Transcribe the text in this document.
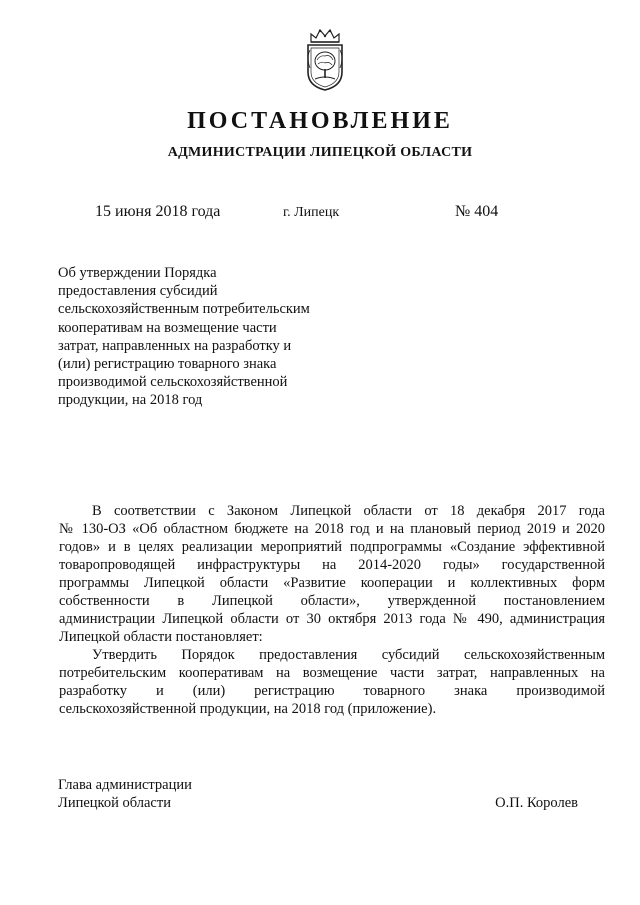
ПОСТАНОВЛЕНИЕ
АДМИНИСТРАЦИИ ЛИПЕЦКОЙ ОБЛАСТИ
15 июня 2018 года	г. Липецк	№ 404
Об утверждении Порядка
предоставления субсидий
сельскохозяйственным потребительским
кооперативам на возмещение части
затрат, направленных на разработку и
(или) регистрацию товарного знака
производимой сельскохозяйственной
продукции, на 2018 год
В соответствии с Законом Липецкой области от 18 декабря 2017 года
№ 130-ОЗ «Об областном бюджете на 2018 год и на плановый период 2019 и 2020
годов» и в целях реализации мероприятий подпрограммы «Создание эффективной
товаропроводящей инфраструктуры на 2014-2020 годы» государственной
программы Липецкой области «Развитие кооперации и коллективных форм
собственности в Липецкой области», утвержденной постановлением
администрации Липецкой области от 30 октября 2013 года № 490, администрация
Липецкой области постановляет:
Утвердить Порядок предоставления субсидий сельскохозяйственным
потребительским кооперативам на возмещение части затрат, направленных на
разработку и (или) регистрацию товарного знака производимой
сельскохозяйственной продукции, на 2018 год (приложение).
Глава администрации
Липецкой области	О.П. Королев
